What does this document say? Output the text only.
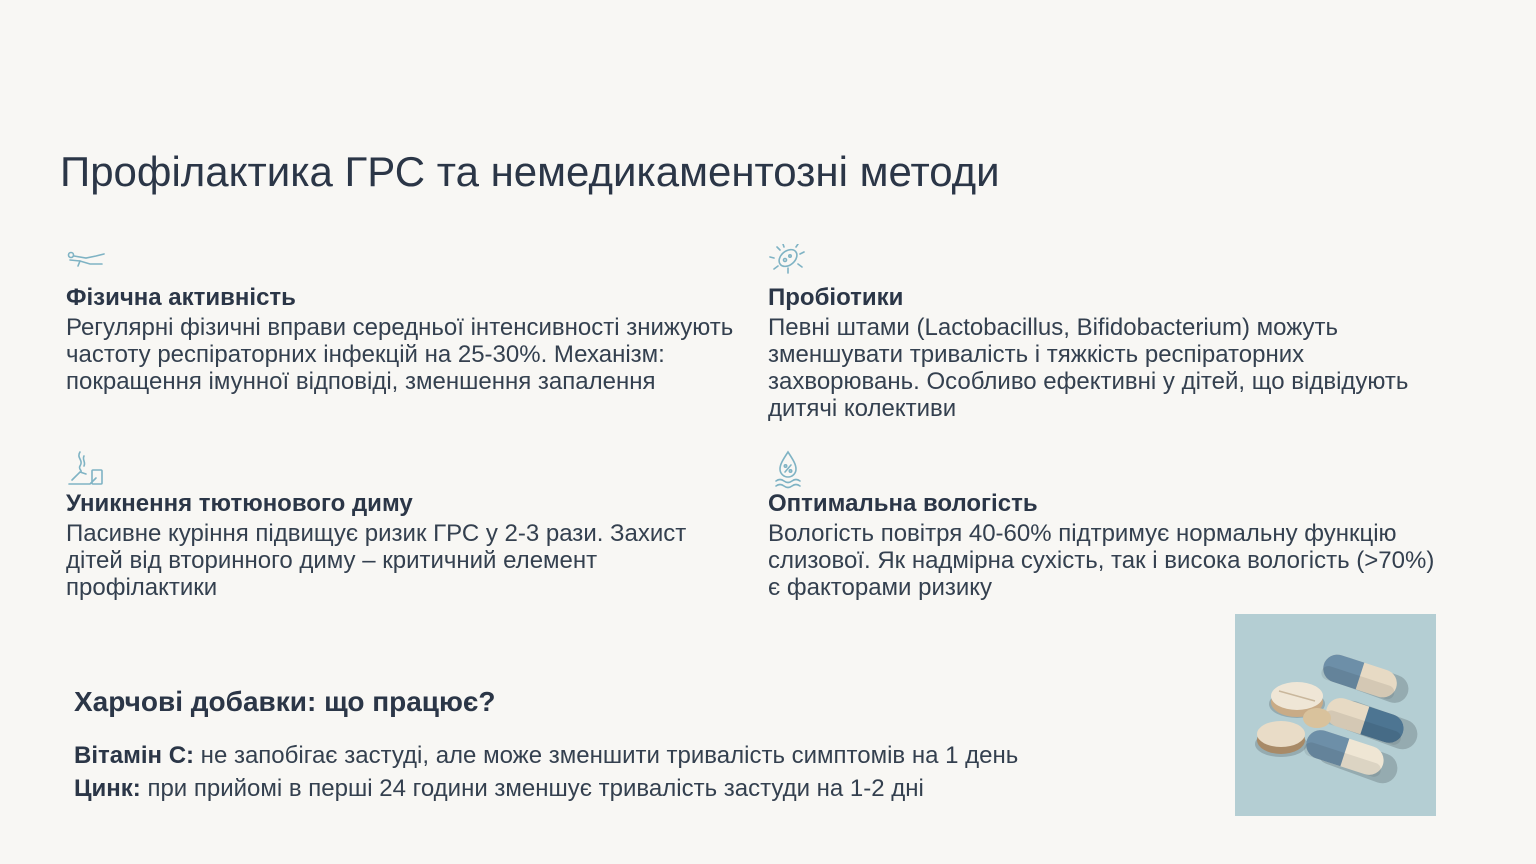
Профілактика ГРС та немедикаментозні методи
Фізична активність

Регулярні фізичні вправи середньої інтенсивності знижують частоту респіраторних інфекцій на 25-30%. Механізм: покращення імунної відповіді, зменшення запалення

Пробіотики

Певні штами (Lactobacillus, Bifidobacterium) можуть зменшувати тривалість і тяжкість респіраторних захворювань. Особливо ефективні у дітей, що відвідують дитячі колективи

Уникнення тютюнового диму

Пасивне куріння підвищує ризик ГРС у 2-3 рази. Захист дітей від вторинного диму – критичний елемент профілактики

Оптимальна вологість

Вологість повітря 40-60% підтримує нормальну функцію слизової. Як надмірна сухість, так і висока вологість (>70%) є факторами ризику

Харчові добавки: що працює?

Вітамін С: не запобігає застуді, але може зменшити тривалість симптомів на 1 день

Цинк: при прийомі в перші 24 години зменшує тривалість застуди на 1-2 дні
